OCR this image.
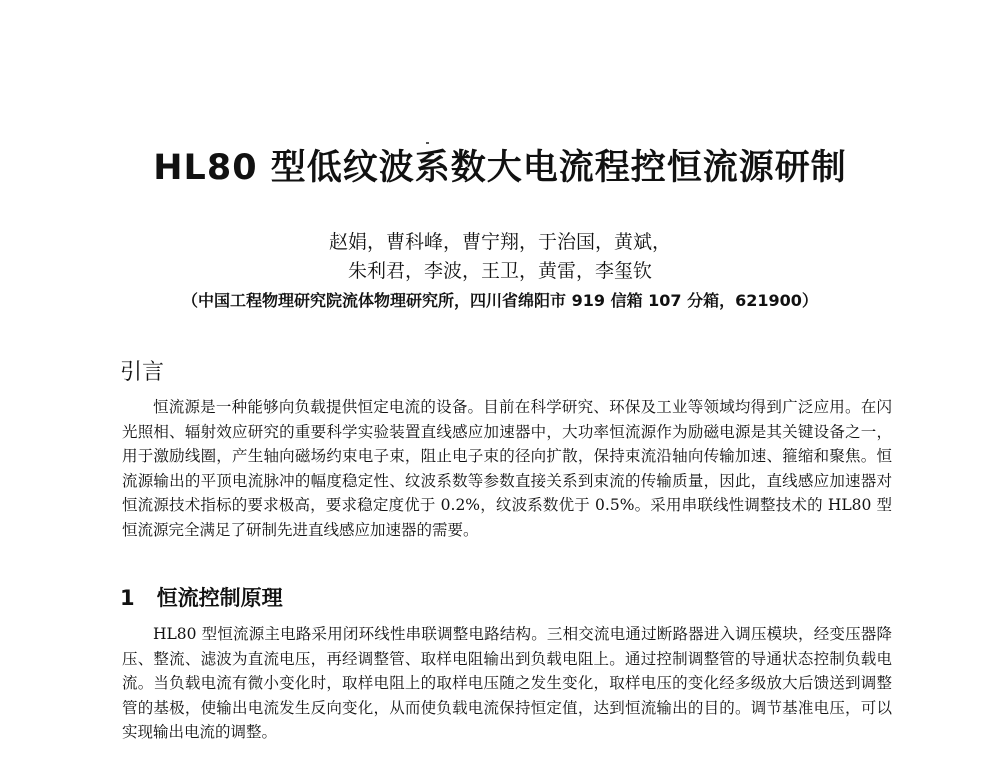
HL80 型低纹波系数大电流程控恒流源研制
赵娟，曹科峰，曹宁翔，于治国，黄斌，
朱利君，李波，王卫，黄雷，李玺钦
（中国工程物理研究院流体物理研究所，四川省绵阳市 919 信箱 107 分箱，621900）
引言

恒流源是一种能够向负载提供恒定电流的设备。目前在科学研究、环保及工业等领域均得到广泛应用。在闪光照相、辐射效应研究的重要科学实验装置直线感应加速器中，大功率恒流源作为励磁电源是其关键设备之一，用于激励线圈，产生轴向磁场约束电子束，阻止电子束的径向扩散，保持束流沿轴向传输加速、箍缩和聚焦。恒流源输出的平顶电流脉冲的幅度稳定性、纹波系数等参数直接关系到束流的传输质量，因此，直线感应加速器对恒流源技术指标的要求极高，要求稳定度优于 0.2%，纹波系数优于 0.5%。采用串联线性调整技术的 HL80 型恒流源完全满足了研制先进直线感应加速器的需要。

1 恒流控制原理

HL80 型恒流源主电路采用闭环线性串联调整电路结构。三相交流电通过断路器进入调压模块，经变压器降压、整流、滤波为直流电压，再经调整管、取样电阻输出到负载电阻上。通过控制调整管的导通状态控制负载电流。当负载电流有微小变化时，取样电阻上的取样电压随之发生变化，取样电压的变化经多级放大后馈送到调整管的基极，使输出电流发生反向变化，从而使负载电流保持恒定值，达到恒流输出的目的。调节基准电压，可以实现输出电流的调整。
